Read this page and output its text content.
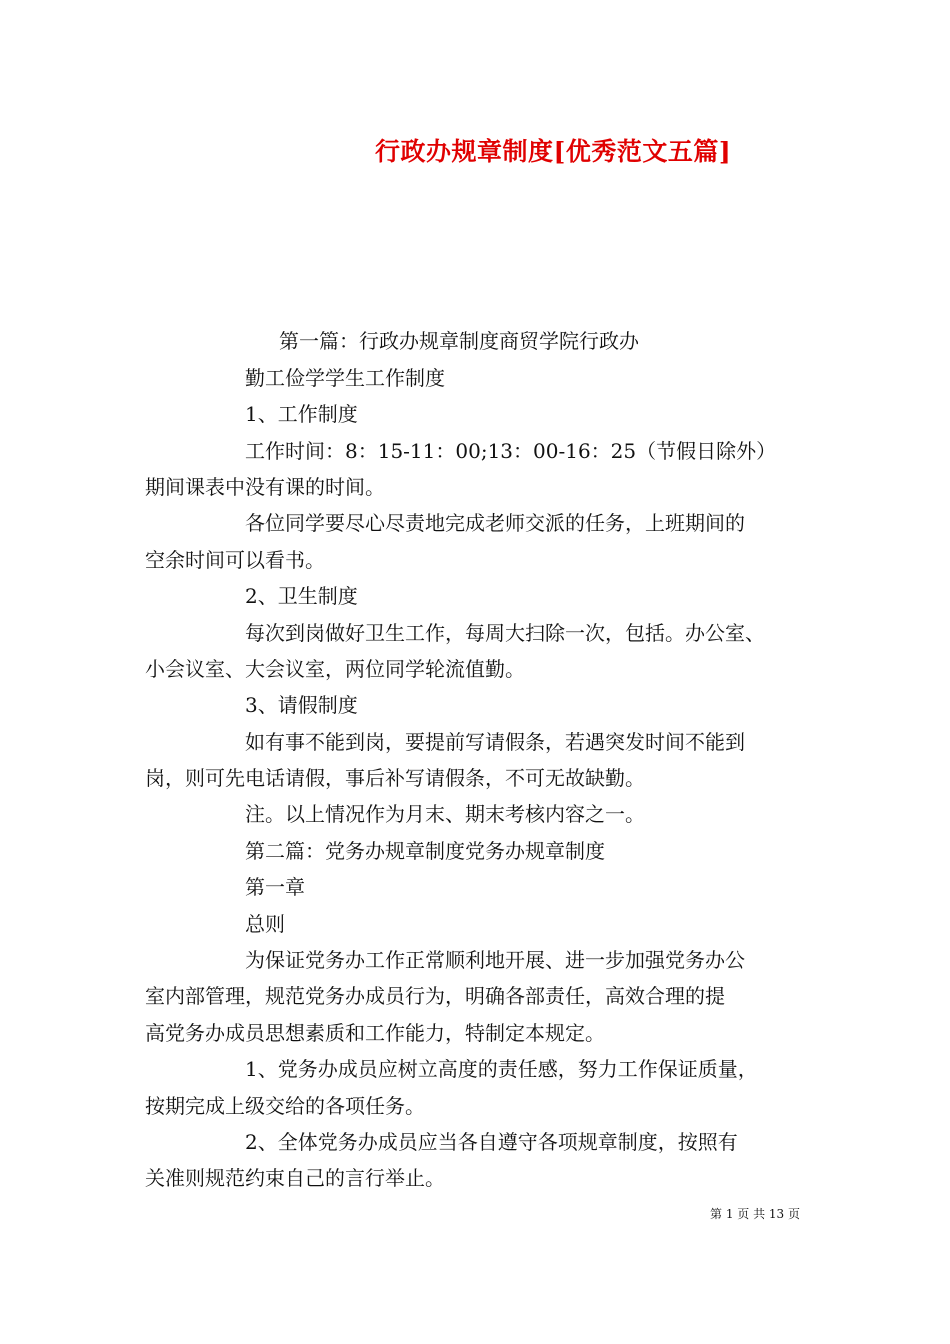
行政办规章制度[优秀范文五篇]

第一篇：行政办规章制度商贸学院行政办

勤工俭学学生工作制度

1、工作制度

工作时间：8：15-11：00;13：00-16：25（节假日除外）

期间课表中没有课的时间。

各位同学要尽心尽责地完成老师交派的任务，上班期间的

空余时间可以看书。

2、卫生制度

每次到岗做好卫生工作，每周大扫除一次，包括。办公室、

小会议室、大会议室，两位同学轮流值勤。

3、请假制度

如有事不能到岗，要提前写请假条，若遇突发时间不能到

岗，则可先电话请假，事后补写请假条，不可无故缺勤。

注。以上情况作为月末、期末考核内容之一。

第二篇：党务办规章制度党务办规章制度

第一章

总则

为保证党务办工作正常顺利地开展、进一步加强党务办公

室内部管理，规范党务办成员行为，明确各部责任，高效合理的提

高党务办成员思想素质和工作能力，特制定本规定。

1、党务办成员应树立高度的责任感，努力工作保证质量，

按期完成上级交给的各项任务。

2、全体党务办成员应当各自遵守各项规章制度，按照有

关准则规范约束自己的言行举止。

第 1 页 共 13 页
